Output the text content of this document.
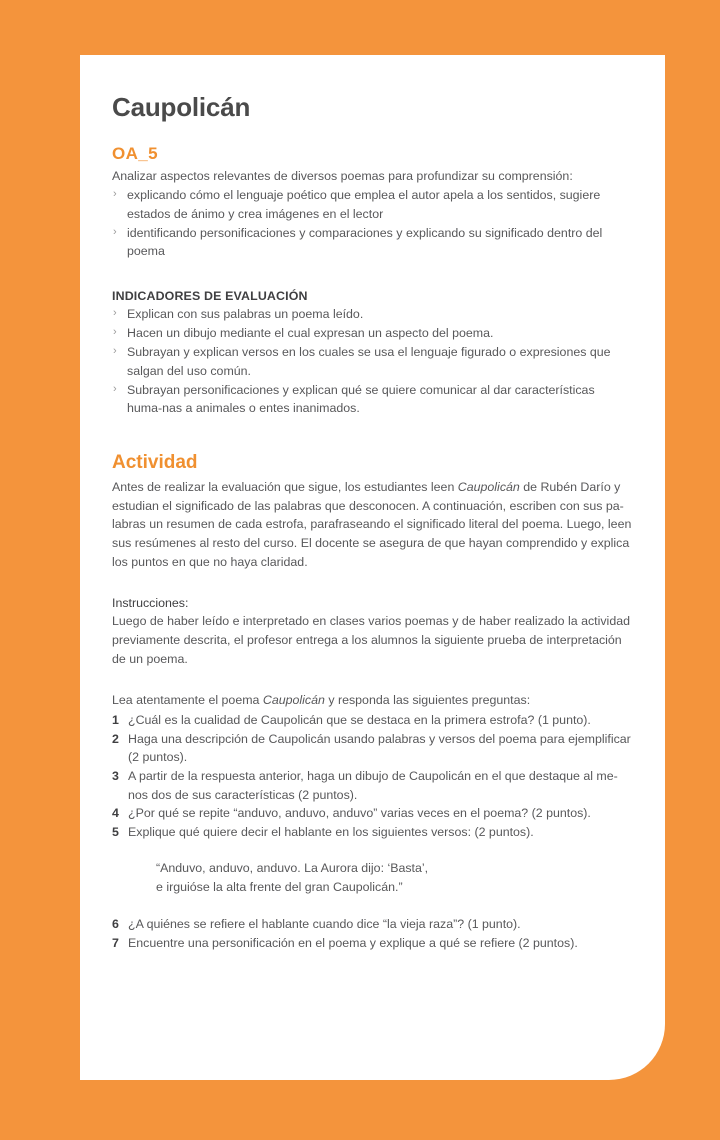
Caupolicán
OA_5

Analizar aspectos relevantes de diversos poemas para profundizar su comprensión:

› explicando cómo el lenguaje poético que emplea el autor apela a los sentidos, sugiere estados de ánimo y crea imágenes en el lector
› identificando personificaciones y comparaciones y explicando su significado dentro del poema
INDICADORES DE EVALUACIÓN
› Explican con sus palabras un poema leído.
› Hacen un dibujo mediante el cual expresan un aspecto del poema.
› Subrayan y explican versos en los cuales se usa el lenguaje figurado o expresiones que salgan del uso común.
› Subrayan personificaciones y explican qué se quiere comunicar al dar características huma-nas a animales o entes inanimados.
Actividad

Antes de realizar la evaluación que sigue, los estudiantes leen Caupolicán de Rubén Darío y estudian el significado de las palabras que desconocen. A continuación, escriben con sus pa-labras un resumen de cada estrofa, parafraseando el significado literal del poema. Luego, leen sus resúmenes al resto del curso. El docente se asegura de que hayan comprendido y explica los puntos en que no haya claridad.

Instrucciones:

Luego de haber leído e interpretado en clases varios poemas y de haber realizado la actividad previamente descrita, el profesor entrega a los alumnos la siguiente prueba de interpretación de un poema.

Lea atentamente el poema Caupolicán y responda las siguientes preguntas:

1 ¿Cuál es la cualidad de Caupolicán que se destaca en la primera estrofa? (1 punto).
2 Haga una descripción de Caupolicán usando palabras y versos del poema para ejemplificar (2 puntos).
3 A partir de la respuesta anterior, haga un dibujo de Caupolicán en el que destaque al me-nos dos de sus características (2 puntos).
4 ¿Por qué se repite “anduvo, anduvo, anduvo” varias veces en el poema? (2 puntos).
5 Explique qué quiere decir el hablante en los siguientes versos: (2 puntos).
“Anduvo, anduvo, anduvo. La Aurora dijo: ‘Basta’,
e irguióse la alta frente del gran Caupolicán.”
6 ¿A quiénes se refiere el hablante cuando dice “la vieja raza”? (1 punto).
7 Encuentre una personificación en el poema y explique a qué se refiere (2 puntos).
